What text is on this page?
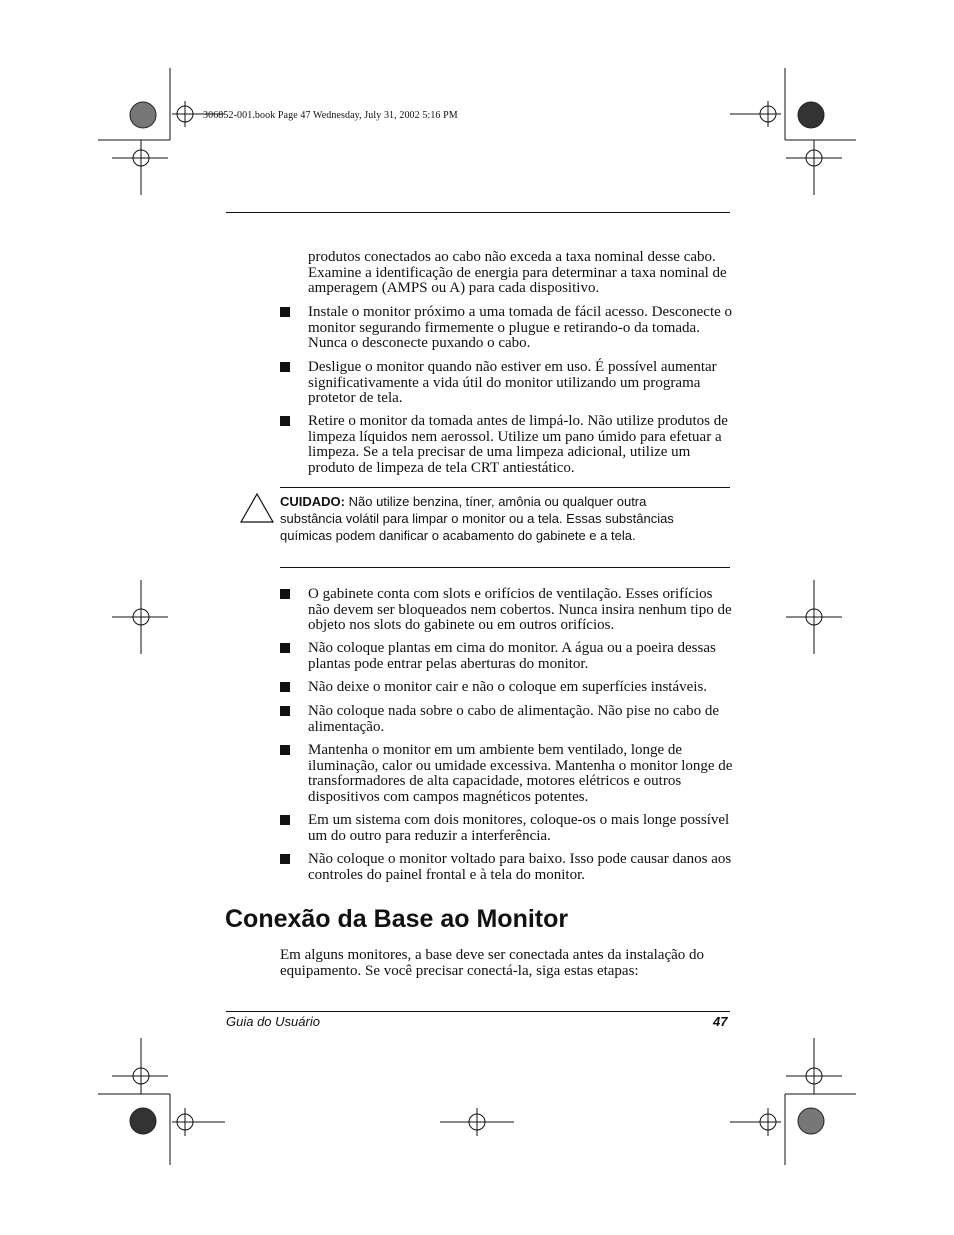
306852-001.book Page 47 Wednesday, July 31, 2002 5:16 PM
produtos conectados ao cabo não exceda a taxa nominal desse cabo. Examine a identificação de energia para determinar a taxa nominal de amperagem (AMPS ou A) para cada dispositivo.
Instale o monitor próximo a uma tomada de fácil acesso. Desconecte o monitor segurando firmemente o plugue e retirando-o da tomada. Nunca o desconecte puxando o cabo.
Desligue o monitor quando não estiver em uso. É possível aumentar significativamente a vida útil do monitor utilizando um programa protetor de tela.
Retire o monitor da tomada antes de limpá-lo. Não utilize produtos de limpeza líquidos nem aerossol. Utilize um pano úmido para efetuar a limpeza. Se a tela precisar de uma limpeza adicional, utilize um produto de limpeza de tela CRT antiestático.
CUIDADO: Não utilize benzina, tíner, amônia ou qualquer outra substância volátil para limpar o monitor ou a tela. Essas substâncias químicas podem danificar o acabamento do gabinete e a tela.
O gabinete conta com slots e orifícios de ventilação. Esses orifícios não devem ser bloqueados nem cobertos. Nunca insira nenhum tipo de objeto nos slots do gabinete ou em outros orifícios.
Não coloque plantas em cima do monitor. A água ou a poeira dessas plantas pode entrar pelas aberturas do monitor.
Não deixe o monitor cair e não o coloque em superfícies instáveis.
Não coloque nada sobre o cabo de alimentação. Não pise no cabo de alimentação.
Mantenha o monitor em um ambiente bem ventilado, longe de iluminação, calor ou umidade excessiva. Mantenha o monitor longe de transformadores de alta capacidade, motores elétricos e outros dispositivos com campos magnéticos potentes.
Em um sistema com dois monitores, coloque-os o mais longe possível um do outro para reduzir a interferência.
Não coloque o monitor voltado para baixo. Isso pode causar danos aos controles do painel frontal e à tela do monitor.
Conexão da Base ao Monitor
Em alguns monitores, a base deve ser conectada antes da instalação do equipamento. Se você precisar conectá-la, siga estas etapas:
Guia do Usuário	47
